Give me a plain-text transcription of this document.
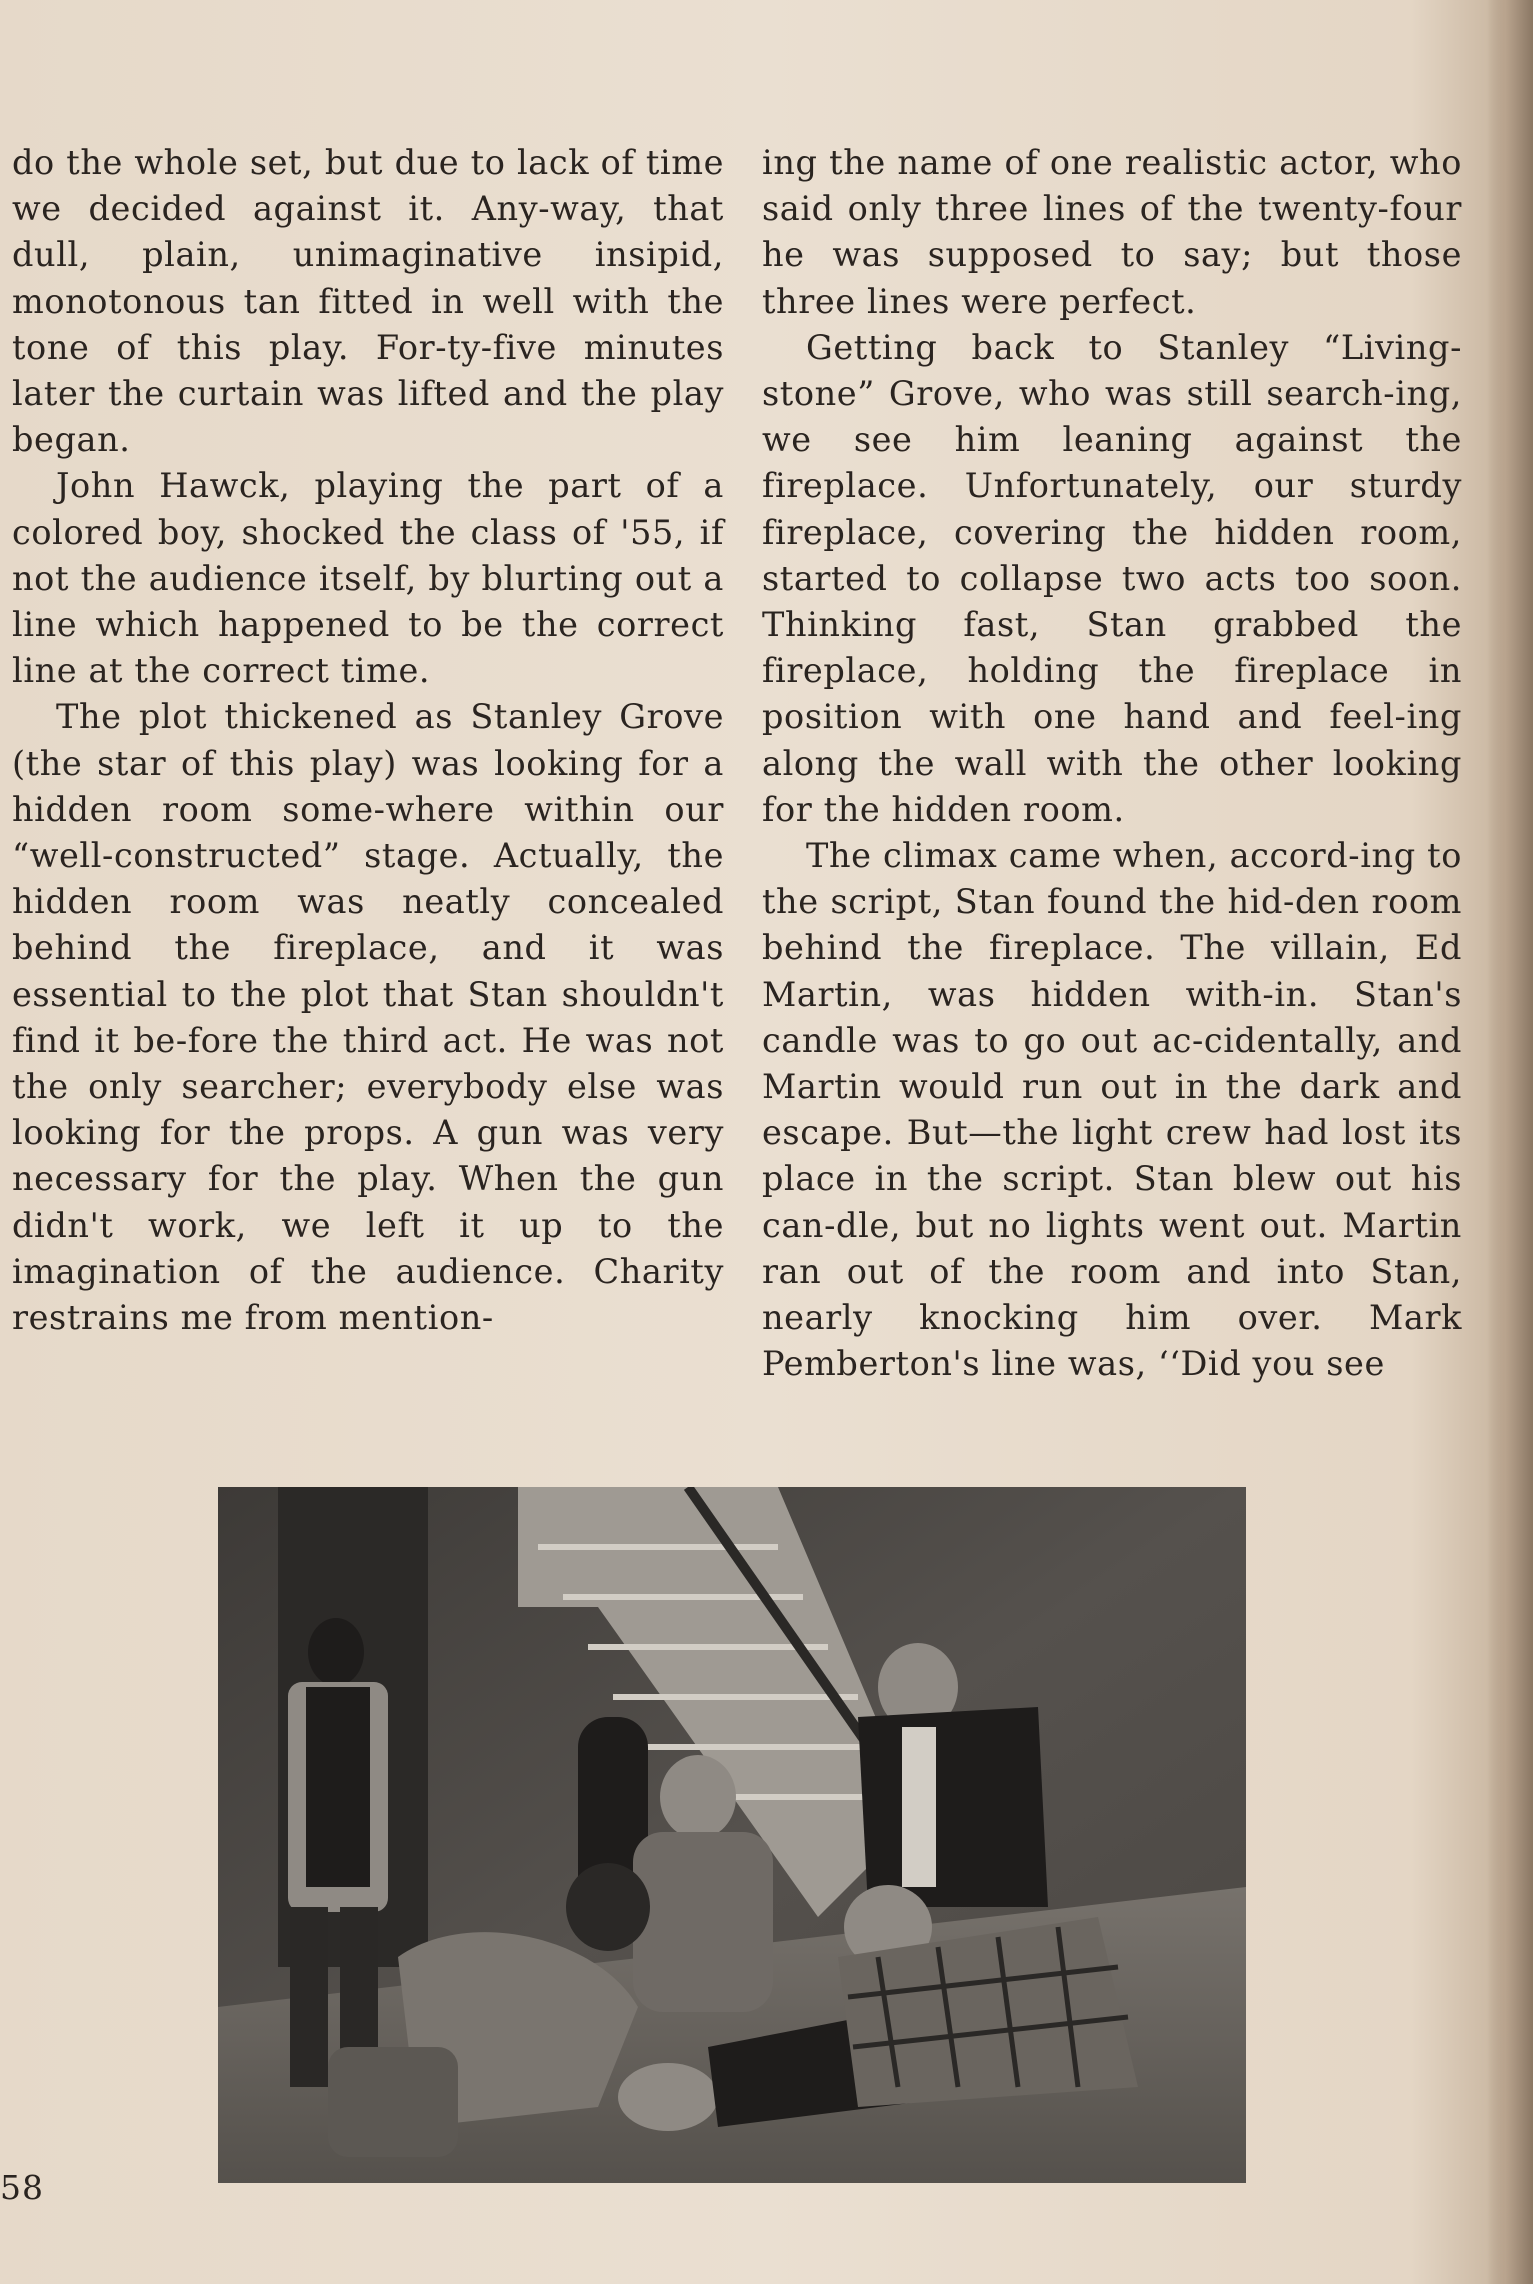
do the whole set, but due to lack of time we decided against it. Any-way, that dull, plain, unimaginative insipid, monotonous tan fitted in well with the tone of this play. For-ty-five minutes later the curtain was lifted and the play began.

John Hawck, playing the part of a colored boy, shocked the class of '55, if not the audience itself, by blurting out a line which happened to be the correct line at the correct time.

The plot thickened as Stanley Grove (the star of this play) was looking for a hidden room some-where within our “well-constructed” stage. Actually, the hidden room was neatly concealed behind the fireplace, and it was essential to the plot that Stan shouldn't find it be-fore the third act. He was not the only searcher; everybody else was looking for the props. A gun was very necessary for the play. When the gun didn't work, we left it up to the imagination of the audience. Charity restrains me from mention-

ing the name of one realistic actor, who said only three lines of the twenty-four he was supposed to say; but those three lines were perfect.

Getting back to Stanley “Living-stone” Grove, who was still search-ing, we see him leaning against the fireplace. Unfortunately, our sturdy fireplace, covering the hidden room, started to collapse two acts too soon. Thinking fast, Stan grabbed the fireplace, holding the fireplace in position with one hand and feel-ing along the wall with the other looking for the hidden room.

The climax came when, accord-ing to the script, Stan found the hid-den room behind the fireplace. The villain, Ed Martin, was hidden with-in. Stan's candle was to go out ac-cidentally, and Martin would run out in the dark and escape. But—the light crew had lost its place in the script. Stan blew out his can-dle, but no lights went out. Martin ran out of the room and into Stan, nearly knocking him over. Mark Pemberton's line was, ‘‘Did you see

58
